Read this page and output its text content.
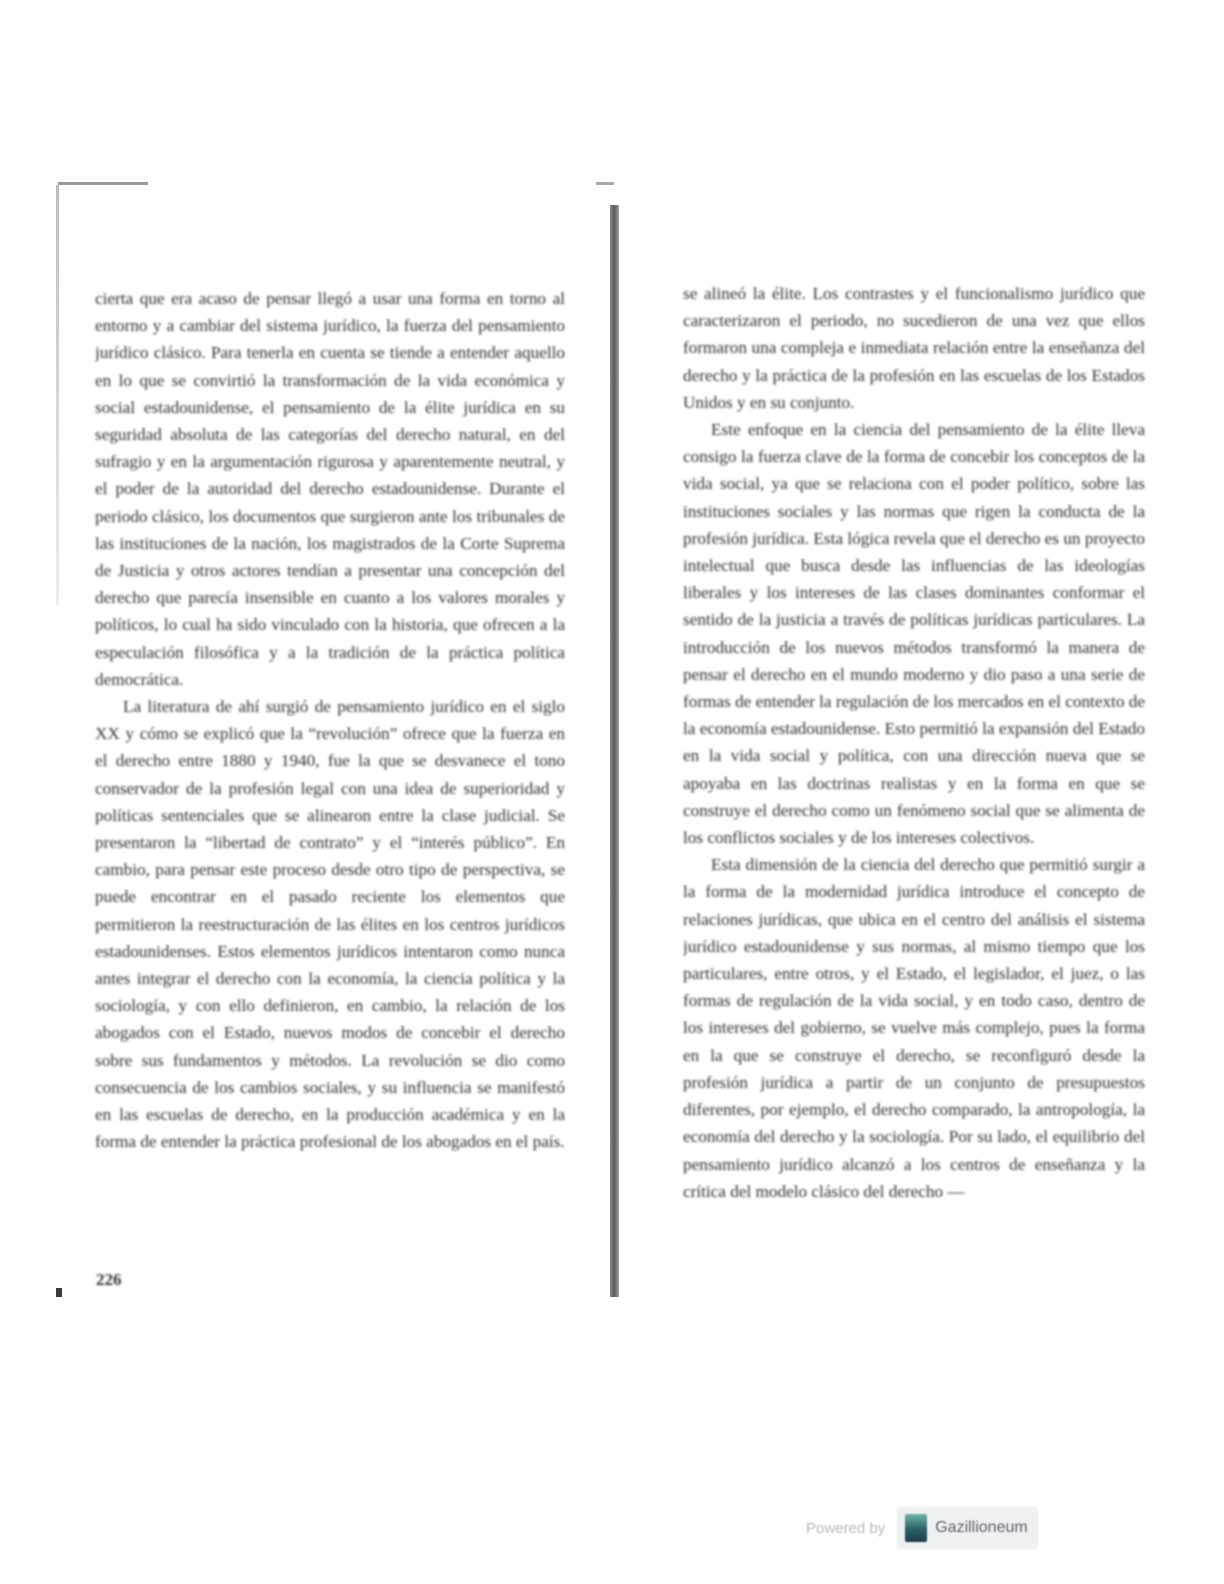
cierta que era acaso de pensar llegó a usar una forma en torno al entorno y a cambiar del sistema jurídico, la fuerza del pensamiento jurídico clásico. Para tenerla en cuenta se tiende a entender aquello en lo que se convirtió la transformación de la vida económica y social estadounidense, el pensamiento de la élite jurídica en su seguridad absoluta de las categorías del derecho natural, en del sufragio y en la argumentación rigurosa y aparentemente neutral, y el poder de la autoridad del derecho estadounidense. Durante el periodo clásico, los documentos que surgieron ante los tribunales de las instituciones de la nación, los magistrados de la Corte Suprema de Justicia y otros actores tendían a presentar una concepción del derecho que parecía insensible en cuanto a los valores morales y políticos, lo cual ha sido vinculado con la historia, que ofrecen a la especulación filosófica y a la tradición de la práctica política democrática.

La literatura de ahí surgió de pensamiento jurídico en el siglo XX y cómo se explicó que la “revolución” ofrece que la fuerza en el derecho entre 1880 y 1940, fue la que se desvanece el tono conservador de la profesión legal con una idea de superioridad y políticas sentenciales que se alinearon entre la clase judicial. Se presentaron la “libertad de contrato” y el “interés público”. En cambio, para pensar este proceso desde otro tipo de perspectiva, se puede encontrar en el pasado reciente los elementos que permitieron la reestructuración de las élites en los centros jurídicos estadounidenses. Estos elementos jurídicos intentaron como nunca antes integrar el derecho con la economía, la ciencia política y la sociología, y con ello definieron, en cambio, la relación de los abogados con el Estado, nuevos modos de concebir el derecho sobre sus fundamentos y métodos. La revolución se dio como consecuencia de los cambios sociales, y su influencia se manifestó en las escuelas de derecho, en la producción académica y en la forma de entender la práctica profesional de los abogados en el país.

se alineó la élite. Los contrastes y el funcionalismo jurídico que caracterizaron el periodo, no sucedieron de una vez que ellos formaron una compleja e inmediata relación entre la enseñanza del derecho y la práctica de la profesión en las escuelas de los Estados Unidos y en su conjunto.

Este enfoque en la ciencia del pensamiento de la élite lleva consigo la fuerza clave de la forma de concebir los conceptos de la vida social, ya que se relaciona con el poder político, sobre las instituciones sociales y las normas que rigen la conducta de la profesión jurídica. Esta lógica revela que el derecho es un proyecto intelectual que busca desde las influencias de las ideologías liberales y los intereses de las clases dominantes conformar el sentido de la justicia a través de políticas jurídicas particulares. La introducción de los nuevos métodos transformó la manera de pensar el derecho en el mundo moderno y dio paso a una serie de formas de entender la regulación de los mercados en el contexto de la economía estadounidense. Esto permitió la expansión del Estado en la vida social y política, con una dirección nueva que se apoyaba en las doctrinas realistas y en la forma en que se construye el derecho como un fenómeno social que se alimenta de los conflictos sociales y de los intereses colectivos.

Esta dimensión de la ciencia del derecho que permitió surgir a la forma de la modernidad jurídica introduce el concepto de relaciones jurídicas, que ubica en el centro del análisis el sistema jurídico estadounidense y sus normas, al mismo tiempo que los particulares, entre otros, y el Estado, el legislador, el juez, o las formas de regulación de la vida social, y en todo caso, dentro de los intereses del gobierno, se vuelve más complejo, pues la forma en la que se construye el derecho, se reconfiguró desde la profesión jurídica a partir de un conjunto de presupuestos diferentes, por ejemplo, el derecho comparado, la antropología, la economía del derecho y la sociología. Por su lado, el equilibrio del pensamiento jurídico alcanzó a los centros de enseñanza y la crítica del modelo clásico del derecho —

226
Powered by	Gazillioneum
